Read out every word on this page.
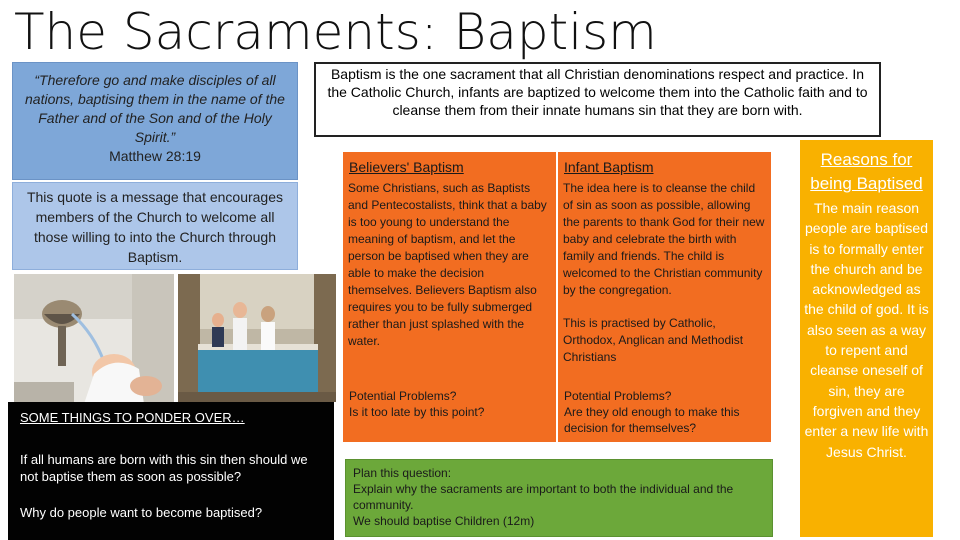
The Sacraments: Baptism
“Therefore go and make disciples of all nations, baptising them in the name of the Father and of the Son and of the Holy Spirit.”
Matthew 28:19
This quote is a message that encourages members of the Church to welcome all those willing to into the Church through Baptism.
Baptism is the one sacrament that all Christian denominations respect and practice. In the Catholic Church, infants are baptized to welcome them into the Catholic faith and to cleanse them from their innate humans sin that they are born with.
Believers' Baptism

Some Christians, such as Baptists and Pentecostalists, think that a baby is too young to understand the meaning of baptism, and let the person be baptised when they are able to make the decision themselves. Believers Baptism also requires you to be fully submerged rather than just splashed with the water.

Infant Baptism

The idea here is to cleanse the child of sin as soon as possible, allowing the parents to thank God for their new baby and celebrate the birth with family and friends. The child is welcomed to the Christian community by the congregation.

This is practised by Catholic, Orthodox, Anglican and Methodist Christians

Potential Problems?
Is it too late by this point?
Potential Problems?
Are they old enough to make this decision for themselves?
Plan this question:
Explain why the sacraments are important to both the individual and the community.
We should baptise Children (12m)
Reasons for being Baptised
The main reason people are baptised is to formally enter the church and be acknowledged as the child of god. It is also seen as a way to repent and cleanse oneself of sin, they are forgiven and they enter a new life with Jesus Christ.
SOME THINGS TO PONDER OVER…
If all humans are born with this sin then should we not baptise them as soon as possible?
Why do people want to become baptised?
